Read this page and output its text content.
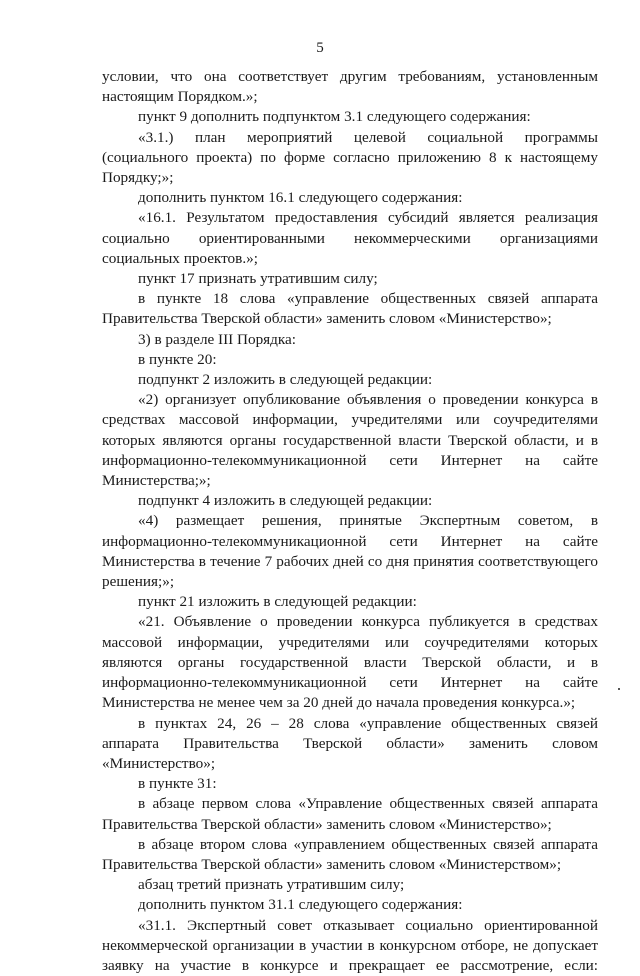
5

условии, что она соответствует другим требованиям, установленным настоящим Порядком.»;

пункт 9 дополнить подпунктом 3.1 следующего содержания:

«3.1.) план мероприятий целевой социальной программы (социального проекта) по форме согласно приложению 8 к настоящему Порядку;»;

дополнить пунктом 16.1 следующего содержания:

«16.1. Результатом предоставления субсидий является реализация социально ориентированными некоммерческими организациями социальных проектов.»;

пункт 17 признать утратившим силу;

в пункте 18 слова «управление общественных связей аппарата Правительства Тверской области» заменить словом «Министерство»;

3) в разделе III Порядка:

в пункте 20:

подпункт 2 изложить в следующей редакции:

«2) организует опубликование объявления о проведении конкурса в средствах массовой информации, учредителями или соучредителями которых являются органы государственной власти Тверской области, и в информационно-телекоммуникационной сети Интернет на сайте Министерства;»;

подпункт 4 изложить в следующей редакции:

«4) размещает решения, принятые Экспертным советом, в информационно-телекоммуникационной сети Интернет на сайте Министерства в течение 7 рабочих дней со дня принятия соответствующего решения;»;

пункт 21 изложить в следующей редакции:

«21. Объявление о проведении конкурса публикуется в средствах массовой информации, учредителями или соучредителями которых являются органы государственной власти Тверской области, и в информационно-телекоммуникационной сети Интернет на сайте Министерства не менее чем за 20 дней до начала проведения конкурса.»;

в пунктах 24, 26 – 28 слова «управление общественных связей аппарата Правительства Тверской области» заменить словом «Министерство»;

в пункте 31:

в абзаце первом слова «Управление общественных связей аппарата Правительства Тверской области» заменить словом «Министерство»;

в абзаце втором слова «управлением общественных связей аппарата Правительства Тверской области» заменить словом «Министерством»;

абзац третий признать утратившим силу;

дополнить пунктом 31.1 следующего содержания:

«31.1. Экспертный совет отказывает социально ориентированной некоммерческой организации в участии в конкурсном отборе, не допускает заявку на участие в конкурсе и прекращает ее рассмотрение, если:
